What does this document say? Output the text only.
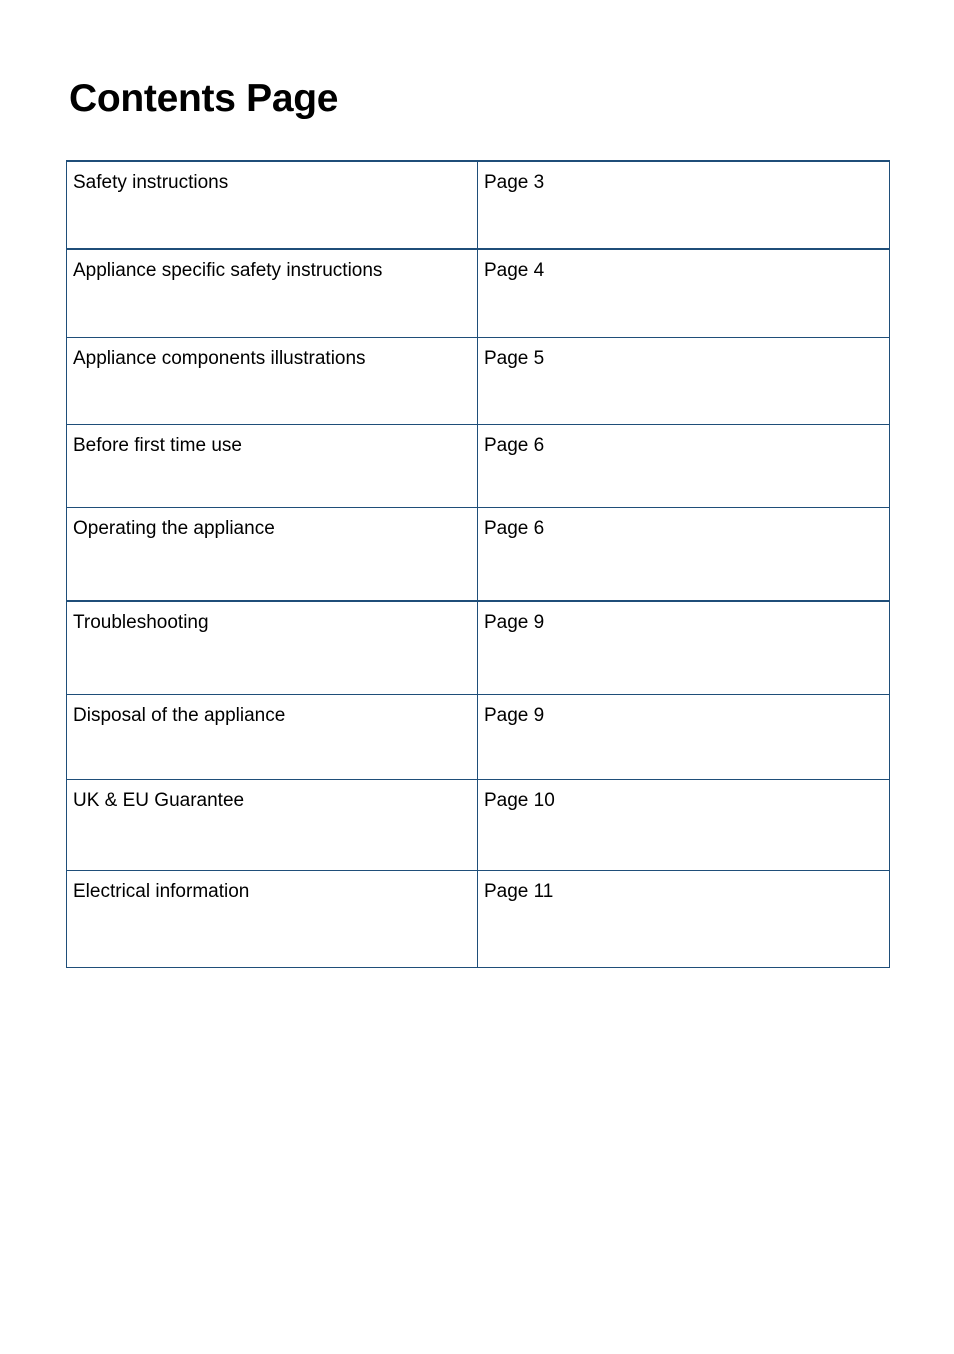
Contents Page
Safety instructions	Page 3
Appliance specific safety instructions	Page 4
Appliance components illustrations	Page 5
Before first time use	Page 6
Operating the appliance	Page 6
Troubleshooting	Page 9
Disposal of the appliance	Page 9
UK & EU Guarantee	Page 10
Electrical information	Page 11
